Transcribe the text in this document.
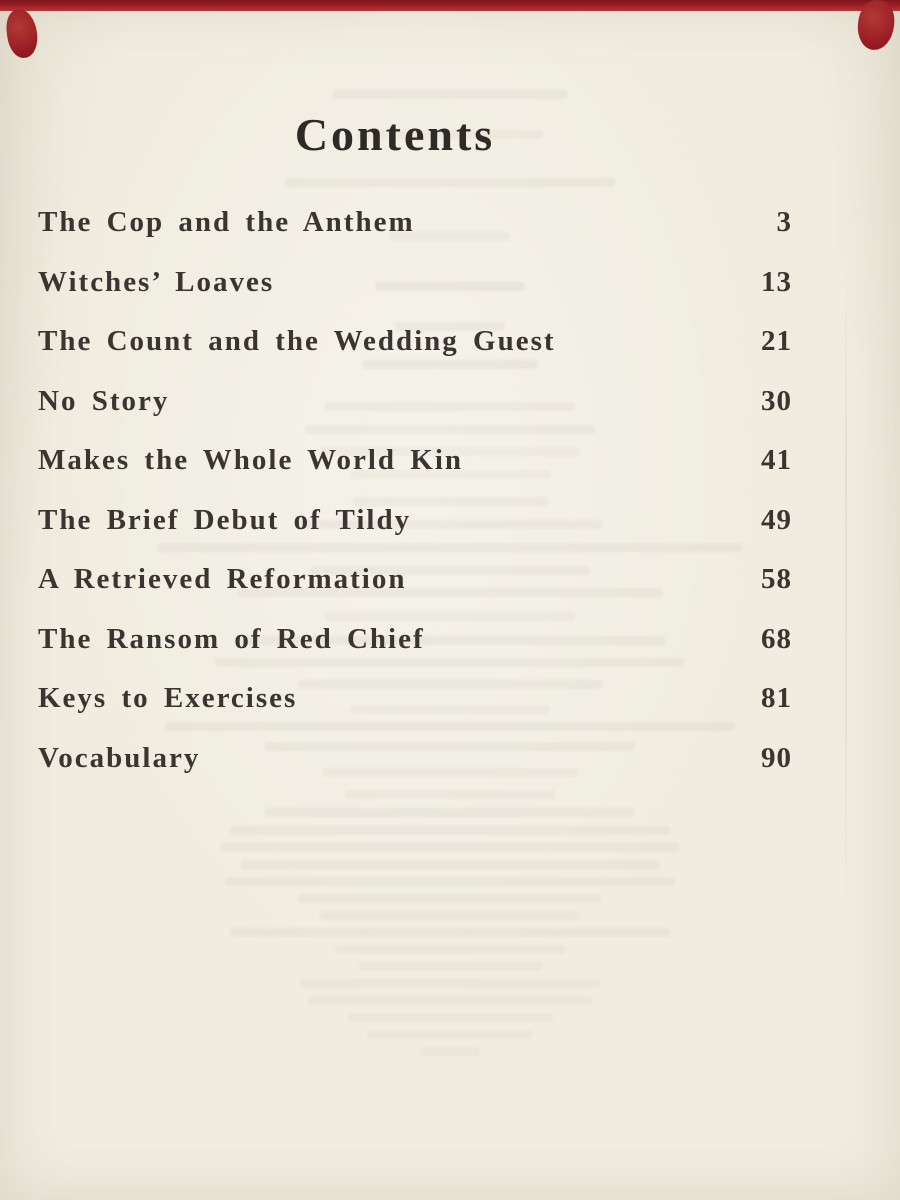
Contents
The Cop and the Anthem	3
Witches’ Loaves	13
The Count and the Wedding Guest	21
No Story	30
Makes the Whole World Kin	41
The Brief Debut of Tildy	49
A Retrieved Reformation	58
The Ransom of Red Chief	68
Keys to Exercises	81
Vocabulary	90
